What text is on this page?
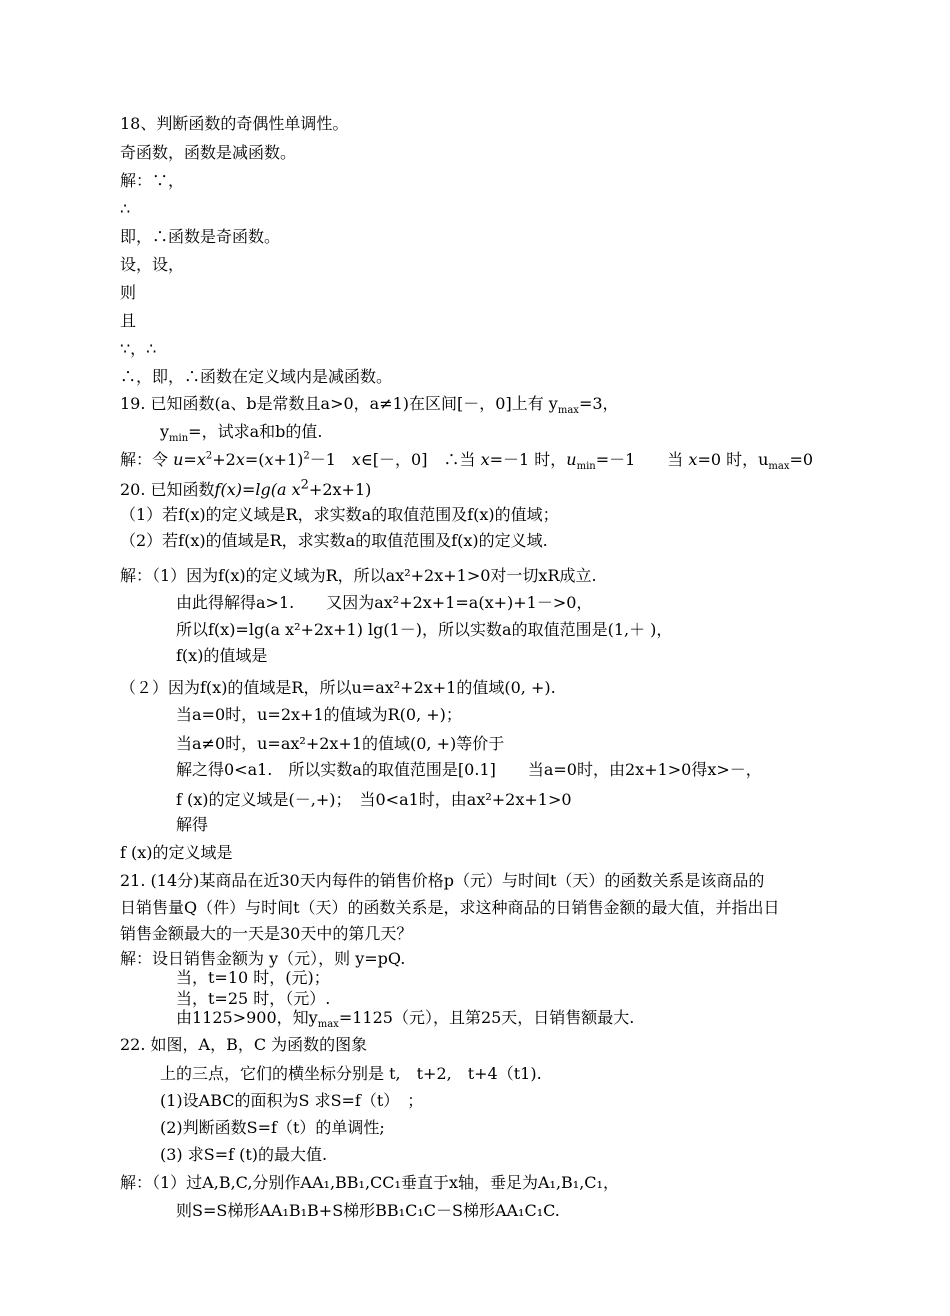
18、判断函数的奇偶性单调性。
奇函数，函数是减函数。
解：∵，
∴
即，∴函数是奇函数。
设，设，
则
且
∵，∴
∴，即，∴函数在定义域内是减函数。
19. 已知函数(a、b是常数且a>0，a≠1)在区间[－，0]上有 $y_{max}=3$，
$y_{min}=$，试求a和b的值.
解：令 $u=x^2+2x=(x+1)^2-1$　x∈[－，0]　∴当 x=－1 时，$u_{min}=-1$　　当 x=0 时，$u_{max}=0$
20. 已知函数f(x)=lg(a $x^2+2x+1$)
（1）若f(x)的定义域是R，求实数a的取值范围及f(x)的值域；
（2）若f(x)的值域是R，求实数a的取值范围及f(x)的定义域.
解：（1）因为f(x)的定义域为R，所以ax²+2x+1>0对一切xR成立.
由此得解得a>1.　　又因为ax²+2x+1=a(x+)+1－>0，
所以f(x)=lg(a x²+2x+1) lg(1－)，所以实数a的取值范围是(1,＋ )，
f(x)的值域是
（２）因为f(x)的值域是R，所以u=ax²+2x+1的值域(0, +).
当a=0时，u=2x+1的值域为R(0, +)；
当a≠0时，u=ax²+2x+1的值域(0, +)等价于
解之得0<a1.　所以实数a的取值范围是[0.1]　　当a=0时，由2x+1>0得x>－，
f (x)的定义域是(－,+)；　当0<a1时，由ax²+2x+1>0
解得
f (x)的定义域是
21. (14分)某商品在近30天内每件的销售价格p（元）与时间t（天）的函数关系是该商品的
日销售量Q（件）与时间t（天）的函数关系是，求这种商品的日销售金额的最大值，并指出日
销售金额最大的一天是30天中的第几天？
解：设日销售金额为 y（元），则 y=pQ.
当，t=10 时，(元)；
当，t=25 时，（元）.
由1125>900，知$y_{max}=1125$（元），且第25天，日销售额最大.
22. 如图，A，B，C 为函数的图象
上的三点，它们的横坐标分别是 t,　t+2,　t+4（t1).
(1)设ABC的面积为S 求S=f（t）　；
(2)判断函数S=f（t）的单调性;
(3) 求S=f (t)的最大值.
解：（1）过A,B,C,分别作AA₁,BB₁,CC₁垂直于x轴，垂足为A₁,B₁,C₁，
则S=S梯形AA₁B₁B+S梯形BB₁C₁C－S梯形AA₁C₁C.
